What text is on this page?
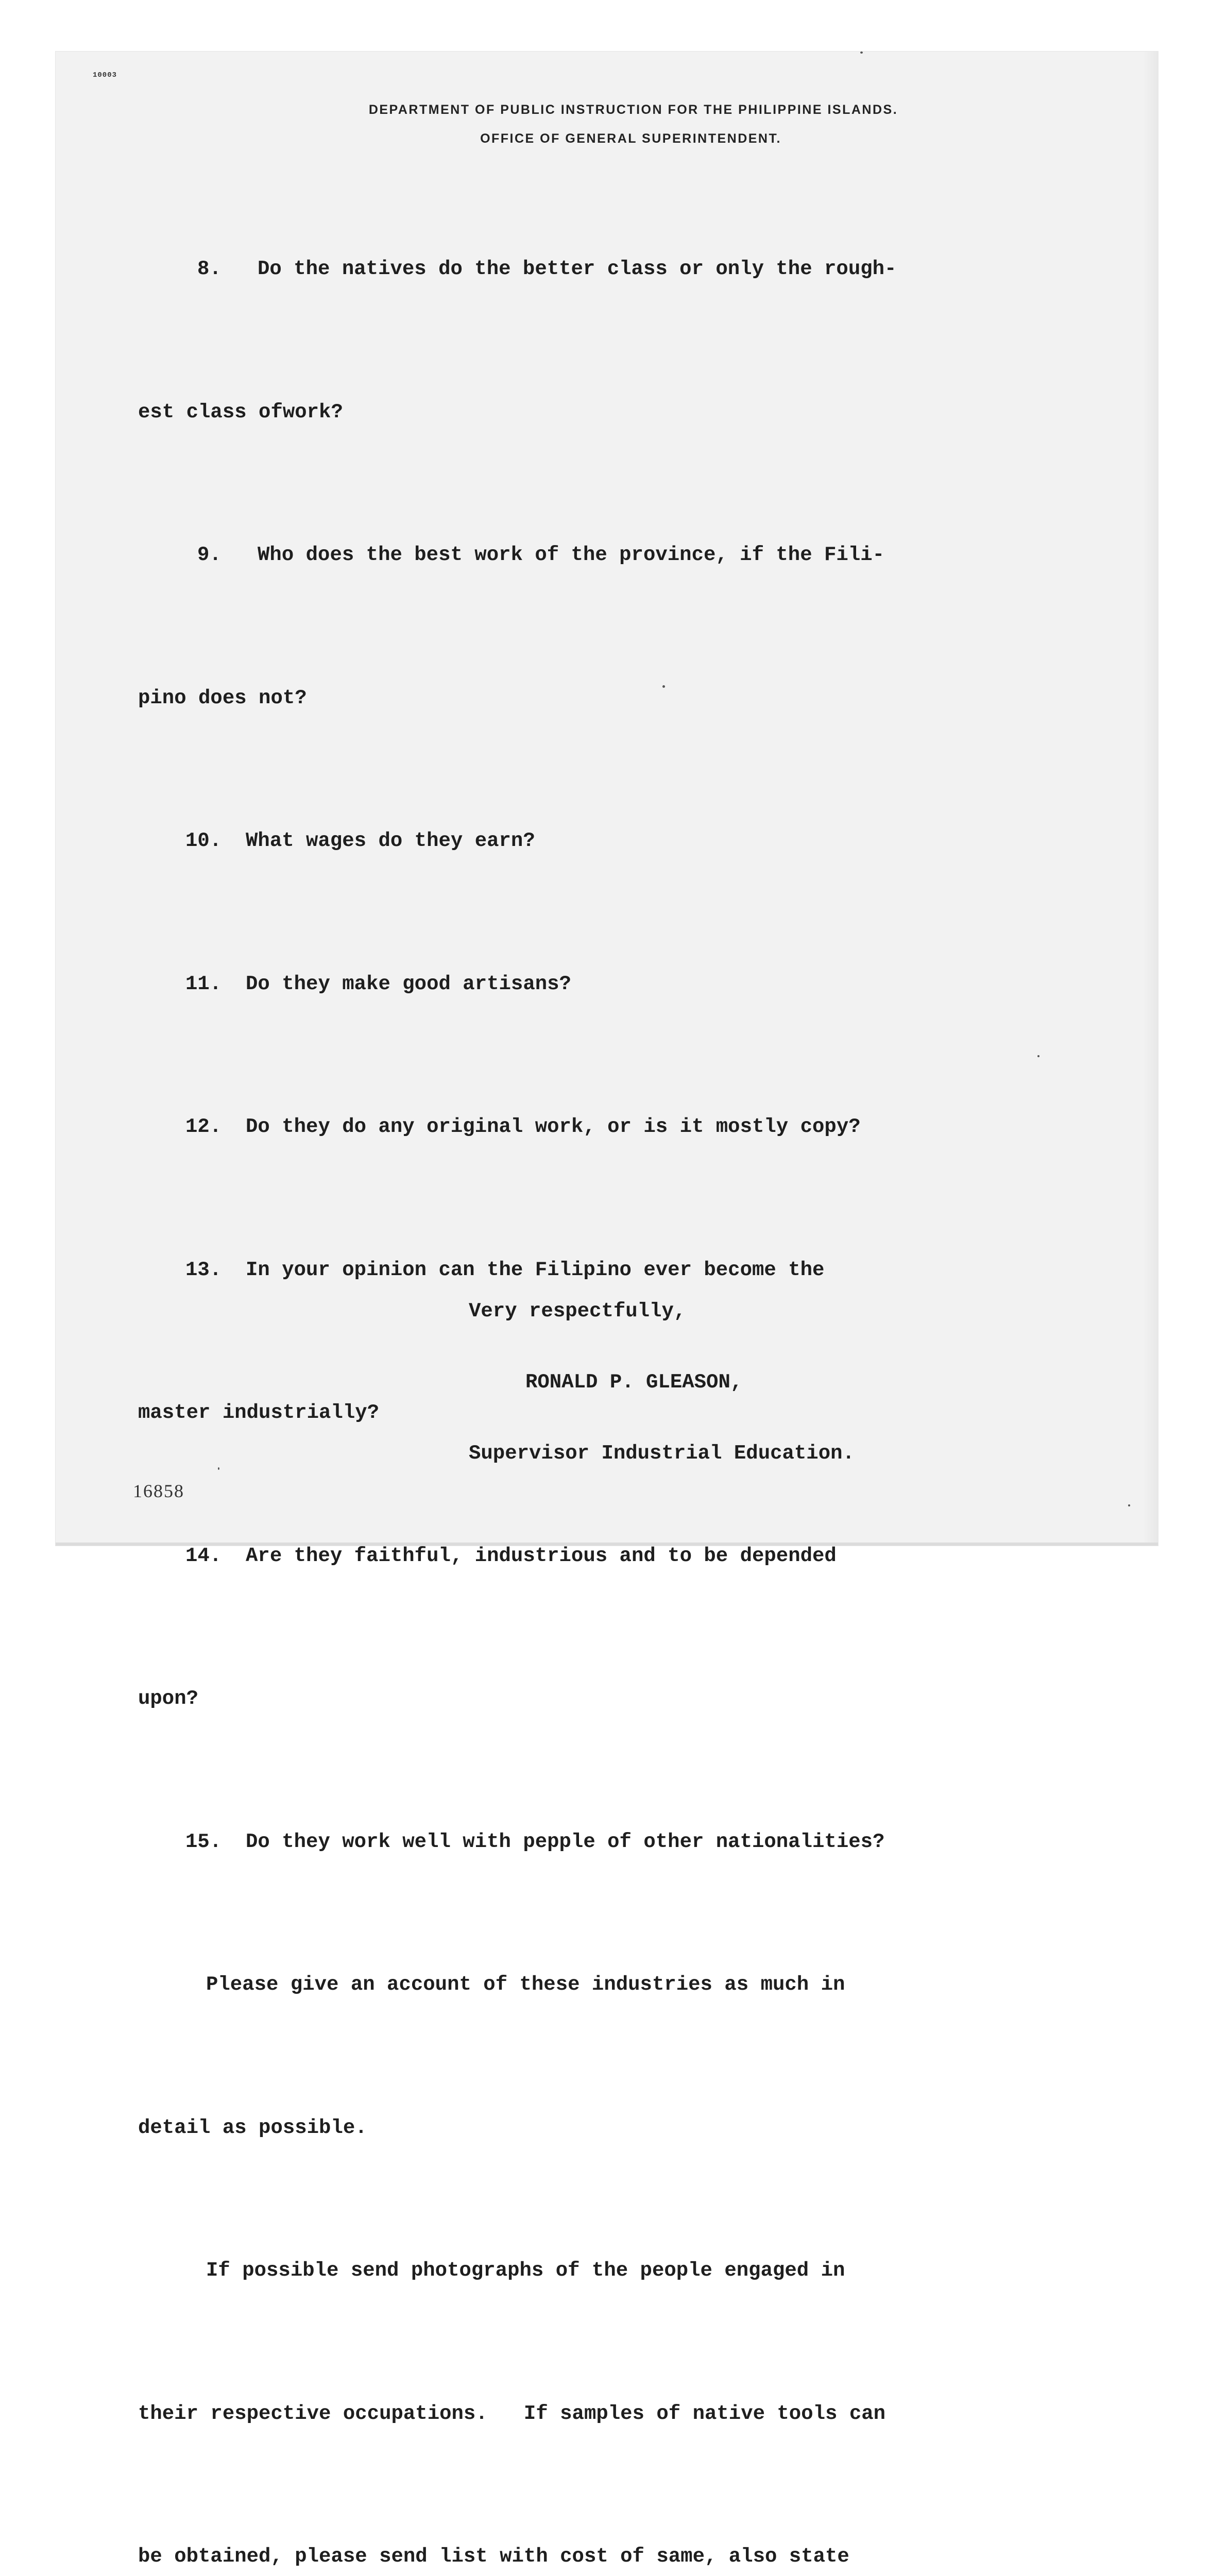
10003
DEPARTMENT OF PUBLIC INSTRUCTION FOR THE PHILIPPINE ISLANDS.
OFFICE OF GENERAL SUPERINTENDENT.

8. Do the natives do the better class or only the rough-

est class ofwork?

9. Who does the best work of the province, if the Fili-

pino does not?

10. What wages do they earn?

11. Do they make good artisans?

12. Do they do any original work, or is it mostly copy?

13. In your opinion can the Filipino ever become the

master industrially?

14. Are they faithful, industrious and to be depended

upon?

15. Do they work well with pepple of other nationalities?

Please give an account of these industries as much in

detail as possible.

If possible send photographs of the people engaged in

their respective occupations.   If samples of native tools can

be obtained, please send list with cost of same, also state

Very respectfully,

RONALD P. GLEASON,

Supervisor Industrial Education.

16858
